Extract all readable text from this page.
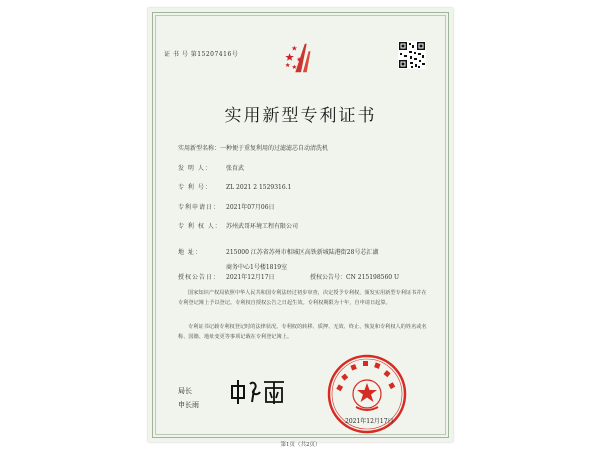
证 书 号 第15207416号
实用新型专利证书
实用新型名称：一种便于重复利用的过滤滤芯自动清洗机
发 明 人： 张育武
专 利 号： ZL 2021 2 1529316.1
专利申请日： 2021年07月06日
专 利 权 人： 苏州武哥环境工程有限公司
地 址：	215000 江苏省苏州市相城区高铁新城陆港街28号芯汇湖
商务中心1号楼1819室
授权公告日： 2021年12月17日	授权公告号：CN 215198560 U
国家知识产权局依照中华人民共和国专利法经过初步审查，决定授予专利权，颁发实用新型专利证书并在专利登记簿上予以登记。专利权自授权公告之日起生效。专利权期限为十年，自申请日起算。
专利证书记载专利权登记时的法律状况。专利权的转移、质押、无效、终止、恢复和专利权人的姓名或名称、国籍、地址变更等事项记载在专利登记簿上。
局长
申长雨
2021年12月17日
第1页（共2页）
